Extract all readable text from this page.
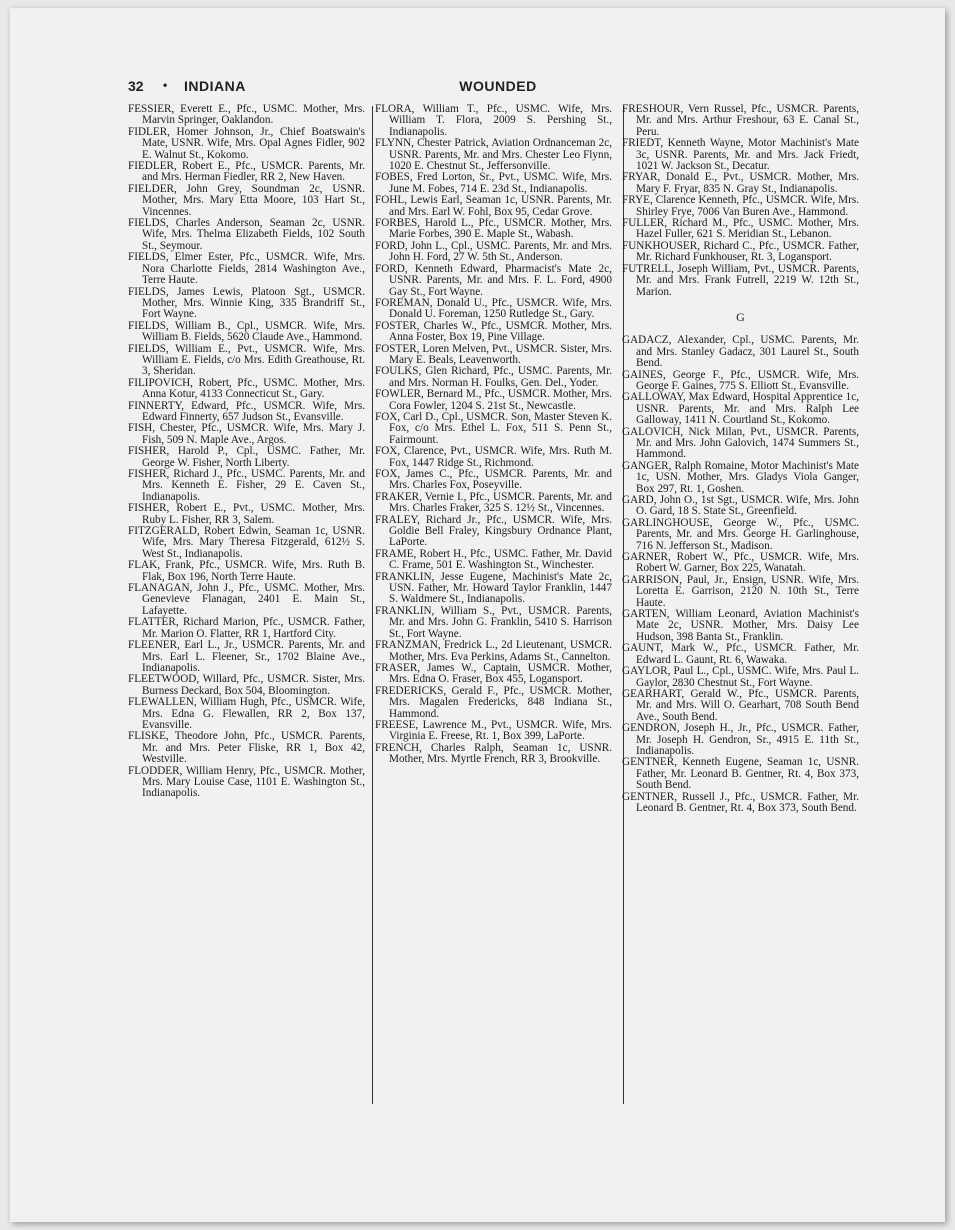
32 • INDIANA	WOUNDED

FESSIER, Everett E., Pfc., USMC. Mother, Mrs. Marvin Springer, Oaklandon.

FIDLER, Homer Johnson, Jr., Chief Boatswain's Mate, USNR. Wife, Mrs. Opal Agnes Fidler, 902 E. Walnut St., Kokomo.

FIEDLER, Robert E., Pfc., USMCR. Parents, Mr. and Mrs. Herman Fiedler, RR 2, New Haven.

FIELDER, John Grey, Soundman 2c, USNR. Mother, Mrs. Mary Etta Moore, 103 Hart St., Vincennes.

FIELDS, Charles Anderson, Seaman 2c, USNR. Wife, Mrs. Thelma Elizabeth Fields, 102 South St., Seymour.

FIELDS, Elmer Ester, Pfc., USMCR. Wife, Mrs. Nora Charlotte Fields, 2814 Washington Ave., Terre Haute.

FIELDS, James Lewis, Platoon Sgt., USMCR. Mother, Mrs. Winnie King, 335 Brandriff St., Fort Wayne.

FIELDS, William B., Cpl., USMCR. Wife, Mrs. William B. Fields, 5620 Claude Ave., Hammond.

FIELDS, William E., Pvt., USMCR. Wife, Mrs. William E. Fields, c/o Mrs. Edith Greathouse, Rt. 3, Sheridan.

FILIPOVICH, Robert, Pfc., USMC. Mother, Mrs. Anna Kotur, 4133 Connecticut St., Gary.

FINNERTY, Edward, Pfc., USMCR. Wife, Mrs. Edward Finnerty, 657 Judson St., Evansville.

FISH, Chester, Pfc., USMCR. Wife, Mrs. Mary J. Fish, 509 N. Maple Ave., Argos.

FISHER, Harold P., Cpl., USMC. Father, Mr. George W. Fisher, North Liberty.

FISHER, Richard J., Pfc., USMC. Parents, Mr. and Mrs. Kenneth E. Fisher, 29 E. Caven St., Indianapolis.

FISHER, Robert E., Pvt., USMC. Mother, Mrs. Ruby L. Fisher, RR 3, Salem.

FITZGERALD, Robert Edwin, Seaman 1c, USNR. Wife, Mrs. Mary Theresa Fitzgerald, 612½ S. West St., Indianapolis.

FLAK, Frank, Pfc., USMCR. Wife, Mrs. Ruth B. Flak, Box 196, North Terre Haute.

FLANAGAN, John J., Pfc., USMC. Mother, Mrs. Genevieve Flanagan, 2401 E. Main St., Lafayette.

FLATTER, Richard Marion, Pfc., USMCR. Father, Mr. Marion O. Flatter, RR 1, Hartford City.

FLEENER, Earl L., Jr., USMCR. Parents, Mr. and Mrs. Earl L. Fleener, Sr., 1702 Blaine Ave., Indianapolis.

FLEETWOOD, Willard, Pfc., USMCR. Sister, Mrs. Burness Deckard, Box 504, Bloomington.

FLEWALLEN, William Hugh, Pfc., USMCR. Wife, Mrs. Edna G. Flewallen, RR 2, Box 137, Evansville.

FLISKE, Theodore John, Pfc., USMCR. Parents, Mr. and Mrs. Peter Fliske, RR 1, Box 42, Westville.

FLODDER, William Henry, Pfc., USMCR. Mother, Mrs. Mary Louise Case, 1101 E. Washington St., Indianapolis.

FLORA, William T., Pfc., USMC. Wife, Mrs. William T. Flora, 2009 S. Pershing St., Indianapolis.

FLYNN, Chester Patrick, Aviation Ordnanceman 2c, USNR. Parents, Mr. and Mrs. Chester Leo Flynn, 1020 E. Chestnut St., Jeffersonville.

FOBES, Fred Lorton, Sr., Pvt., USMC. Wife, Mrs. June M. Fobes, 714 E. 23d St., Indianapolis.

FOHL, Lewis Earl, Seaman 1c, USNR. Parents, Mr. and Mrs. Earl W. Fohl, Box 95, Cedar Grove.

FORBES, Harold L., Pfc., USMCR. Mother, Mrs. Marie Forbes, 390 E. Maple St., Wabash.

FORD, John L., Cpl., USMC. Parents, Mr. and Mrs. John H. Ford, 27 W. 5th St., Anderson.

FORD, Kenneth Edward, Pharmacist's Mate 2c, USNR. Parents, Mr. and Mrs. F. L. Ford, 4900 Gay St., Fort Wayne.

FOREMAN, Donald U., Pfc., USMCR. Wife, Mrs. Donald U. Foreman, 1250 Rutledge St., Gary.

FOSTER, Charles W., Pfc., USMCR. Mother, Mrs. Anna Foster, Box 19, Pine Village.

FOSTER, Loren Melven, Pvt., USMCR. Sister, Mrs. Mary E. Beals, Leavenworth.

FOULKS, Glen Richard, Pfc., USMC. Parents, Mr. and Mrs. Norman H. Foulks, Gen. Del., Yoder.

FOWLER, Bernard M., Pfc., USMCR. Mother, Mrs. Cora Fowler, 1204 S. 21st St., Newcastle.

FOX, Carl D., Cpl., USMCR. Son, Master Steven K. Fox, c/o Mrs. Ethel L. Fox, 511 S. Penn St., Fairmount.

FOX, Clarence, Pvt., USMCR. Wife, Mrs. Ruth M. Fox, 1447 Ridge St., Richmond.

FOX, James C., Pfc., USMCR. Parents, Mr. and Mrs. Charles Fox, Poseyville.

FRAKER, Vernie I., Pfc., USMCR. Parents, Mr. and Mrs. Charles Fraker, 325 S. 12½ St., Vincennes.

FRALEY, Richard Jr., Pfc., USMCR. Wife, Mrs. Goldie Bell Fraley, Kingsbury Ordnance Plant, LaPorte.

FRAME, Robert H., Pfc., USMC. Father, Mr. David C. Frame, 501 E. Washington St., Winchester.

FRANKLIN, Jesse Eugene, Machinist's Mate 2c, USN. Father, Mr. Howard Taylor Franklin, 1447 S. Waldmere St., Indianapolis.

FRANKLIN, William S., Pvt., USMCR. Parents, Mr. and Mrs. John G. Franklin, 5410 S. Harrison St., Fort Wayne.

FRANZMAN, Fredrick L., 2d Lieutenant, USMCR. Mother, Mrs. Eva Perkins, Adams St., Cannelton.

FRASER, James W., Captain, USMCR. Mother, Mrs. Edna O. Fraser, Box 455, Logansport.

FREDERICKS, Gerald F., Pfc., USMCR. Mother, Mrs. Magalen Fredericks, 848 Indiana St., Hammond.

FREESE, Lawrence M., Pvt., USMCR. Wife, Mrs. Virginia E. Freese, Rt. 1, Box 399, LaPorte.

FRENCH, Charles Ralph, Seaman 1c, USNR. Mother, Mrs. Myrtle French, RR 3, Brookville.

FRESHOUR, Vern Russel, Pfc., USMCR. Parents, Mr. and Mrs. Arthur Freshour, 63 E. Canal St., Peru.

FRIEDT, Kenneth Wayne, Motor Machinist's Mate 3c, USNR. Parents, Mr. and Mrs. Jack Friedt, 1021 W. Jackson St., Decatur.

FRYAR, Donald E., Pvt., USMCR. Mother, Mrs. Mary F. Fryar, 835 N. Gray St., Indianapolis.

FRYE, Clarence Kenneth, Pfc., USMCR. Wife, Mrs. Shirley Frye, 7006 Van Buren Ave., Hammond.

FULLER, Richard M., Pfc., USMC. Mother, Mrs. Hazel Fuller, 621 S. Meridian St., Lebanon.

FUNKHOUSER, Richard C., Pfc., USMCR. Father, Mr. Richard Funkhouser, Rt. 3, Logansport.

FUTRELL, Joseph William, Pvt., USMCR. Parents, Mr. and Mrs. Frank Futrell, 2219 W. 12th St., Marion.

G

GADACZ, Alexander, Cpl., USMC. Parents, Mr. and Mrs. Stanley Gadacz, 301 Laurel St., South Bend.

GAINES, George F., Pfc., USMCR. Wife, Mrs. George F. Gaines, 775 S. Elliott St., Evansville.

GALLOWAY, Max Edward, Hospital Apprentice 1c, USNR. Parents, Mr. and Mrs. Ralph Lee Galloway, 1411 N. Courtland St., Kokomo.

GALOVICH, Nick Milan, Pvt., USMCR. Parents, Mr. and Mrs. John Galovich, 1474 Summers St., Hammond.

GANGER, Ralph Romaine, Motor Machinist's Mate 1c, USN. Mother, Mrs. Gladys Viola Ganger, Box 297, Rt. 1, Goshen.

GARD, John O., 1st Sgt., USMCR. Wife, Mrs. John O. Gard, 18 S. State St., Greenfield.

GARLINGHOUSE, George W., Pfc., USMC. Parents, Mr. and Mrs. George H. Garlinghouse, 716 N. Jefferson St., Madison.

GARNER, Robert W., Pfc., USMCR. Wife, Mrs. Robert W. Garner, Box 225, Wanatah.

GARRISON, Paul, Jr., Ensign, USNR. Wife, Mrs. Loretta E. Garrison, 2120 N. 10th St., Terre Haute.

GARTEN, William Leonard, Aviation Machinist's Mate 2c, USNR. Mother, Mrs. Daisy Lee Hudson, 398 Banta St., Franklin.

GAUNT, Mark W., Pfc., USMCR. Father, Mr. Edward L. Gaunt, Rt. 6, Wawaka.

GAYLOR, Paul L., Cpl., USMC. Wife, Mrs. Paul L. Gaylor, 2830 Chestnut St., Fort Wayne.

GEARHART, Gerald W., Pfc., USMCR. Parents, Mr. and Mrs. Will O. Gearhart, 708 South Bend Ave., South Bend.

GENDRON, Joseph H., Jr., Pfc., USMCR. Father, Mr. Joseph H. Gendron, Sr., 4915 E. 11th St., Indianapolis.

GENTNER, Kenneth Eugene, Seaman 1c, USNR. Father, Mr. Leonard B. Gentner, Rt. 4, Box 373, South Bend.

GENTNER, Russell J., Pfc., USMCR. Father, Mr. Leonard B. Gentner, Rt. 4, Box 373, South Bend.
